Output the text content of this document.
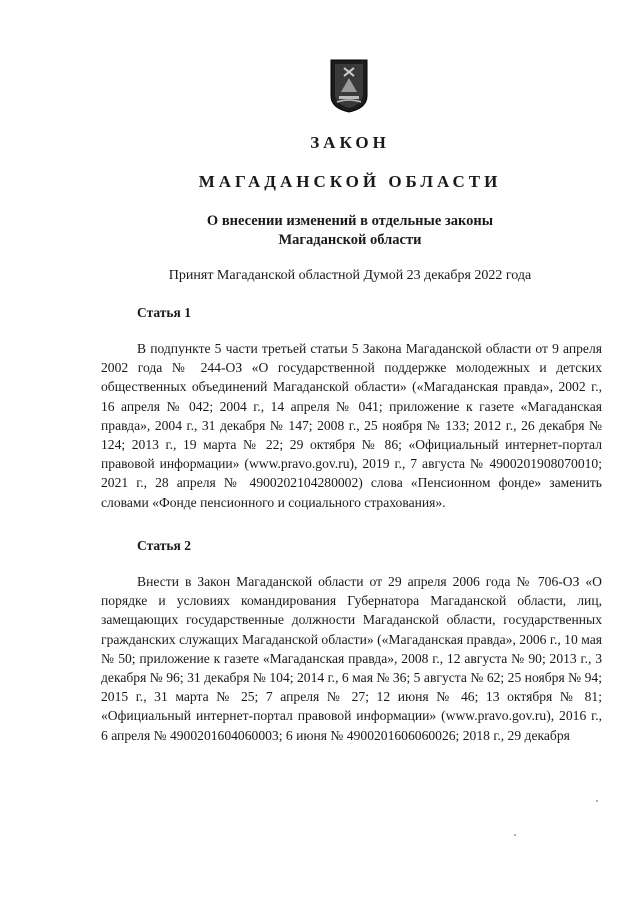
ЗАКОН
МАГАДАНСКОЙ ОБЛАСТИ
О внесении изменений в отдельные законы
Магаданской области
Принят Магаданской областной Думой 23 декабря 2022 года
Статья 1

В подпункте 5 части третьей статьи 5 Закона Магаданской области от 9 апреля 2002 года № 244-ОЗ «О государственной поддержке молодежных и детских общественных объединений Магаданской области» («Магаданская правда», 2002 г., 16 апреля № 042; 2004 г., 14 апреля № 041; приложение к газете «Магаданская правда», 2004 г., 31 декабря № 147; 2008 г., 25 ноября № 133; 2012 г., 26 декабря № 124; 2013 г., 19 марта № 22; 29 октября № 86; «Официальный интернет-портал правовой информации» (www.pravo.gov.ru), 2019 г., 7 августа № 4900201908070010; 2021 г., 28 апреля № 4900202104280002) слова «Пенсионном фонде» заменить словами «Фонде пенсионного и социального страхования».

Статья 2

Внести в Закон Магаданской области от 29 апреля 2006 года № 706-ОЗ «О порядке и условиях командирования Губернатора Магаданской области, лиц, замещающих государственные должности Магаданской области, государственных гражданских служащих Магаданской области» («Магаданская правда», 2006 г., 10 мая № 50; приложение к газете «Магаданская правда», 2008 г., 12 августа № 90; 2013 г., 3 декабря № 96; 31 декабря № 104; 2014 г., 6 мая № 36; 5 августа № 62; 25 ноября № 94; 2015 г., 31 марта № 25; 7 апреля № 27; 12 июня № 46; 13 октября № 81; «Официальный интернет-портал правовой информации» (www.pravo.gov.ru), 2016 г., 6 апреля № 4900201604060003; 6 июня № 4900201606060026; 2018 г., 29 декабря
